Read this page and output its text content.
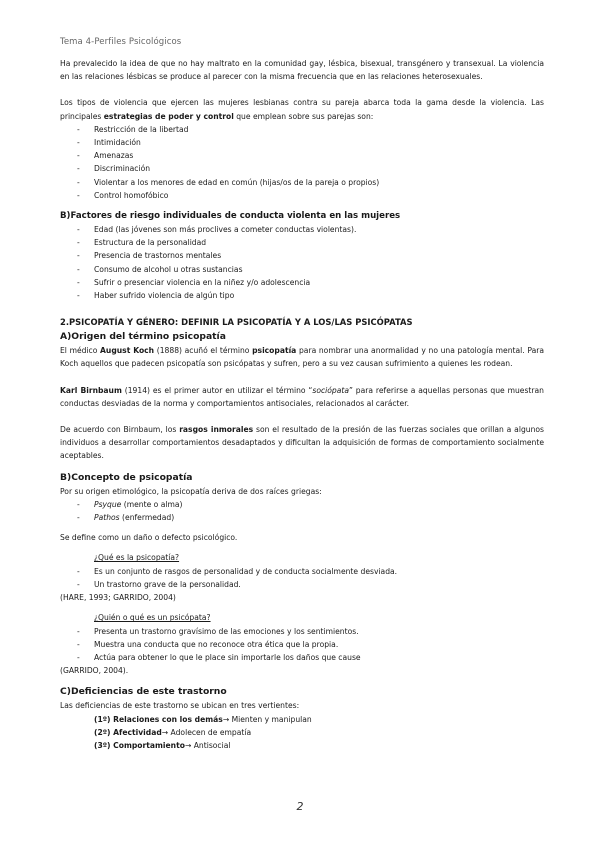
Tema 4-Perfiles Psicológicos

Ha prevalecido la idea de que no hay maltrato en la comunidad gay, lésbica, bisexual, transgénero y transexual. La violencia en las relaciones lésbicas se produce al parecer con la misma frecuencia que en las relaciones heterosexuales.

Los tipos de violencia que ejercen las mujeres lesbianas contra su pareja abarca toda la gama desde la violencia. Las principales estrategias de poder y control que emplean sobre sus parejas son:

- Restricción de la libertad
- Intimidación
- Amenazas
- Discriminación
- Violentar a los menores de edad en común (hijas/os de la pareja o propios)
- Control homofóbico

B)Factores de riesgo individuales de conducta violenta en las mujeres

- Edad (las jóvenes son más proclives a cometer conductas violentas).
- Estructura de la personalidad
- Presencia de trastornos mentales
- Consumo de alcohol u otras sustancias
- Sufrir o presenciar violencia en la niñez y/o adolescencia
- Haber sufrido violencia de algún tipo

2.PSICOPATÍA Y GÉNERO: DEFINIR LA PSICOPATÍA Y A LOS/LAS PSICÓPATAS

A)Origen del término psicopatía

El médico August Koch (1888) acuñó el término psicopatía para nombrar una anormalidad y no una patología mental. Para Koch aquellos que padecen psicopatía son psicópatas y sufren, pero a su vez causan sufrimiento a quienes les rodean.

Karl Birnbaum (1914) es el primer autor en utilizar el término “sociópata” para referirse a aquellas personas que muestran conductas desviadas de la norma y comportamientos antisociales, relacionados al carácter.

De acuerdo con Birnbaum, los rasgos inmorales son el resultado de la presión de las fuerzas sociales que orillan a algunos individuos a desarrollar comportamientos desadaptados y dificultan la adquisición de formas de comportamiento socialmente aceptables.

B)Concepto de psicopatía

Por su origen etimológico, la psicopatía deriva de dos raíces griegas:

- Psyque (mente o alma)
- Pathos (enfermedad)

Se define como un daño o defecto psicológico.

¿Qué es la psicopatía?

- Es un conjunto de rasgos de personalidad y de conducta socialmente desviada.
- Un trastorno grave de la personalidad.

(HARE, 1993; GARRIDO, 2004)

¿Quién o qué es un psicópata?

- Presenta un trastorno gravísimo de las emociones y los sentimientos.
- Muestra una conducta que no reconoce otra ética que la propia.
- Actúa para obtener lo que le place sin importarle los daños que cause

(GARRIDO, 2004).

C)Deficiencias de este trastorno

Las deficiencias de este trastorno se ubican en tres vertientes:

(1º) Relaciones con los demás→ Mienten y manipulan

(2º) Afectividad→ Adolecen de empatía

(3º) Comportamiento→ Antisocial

2
